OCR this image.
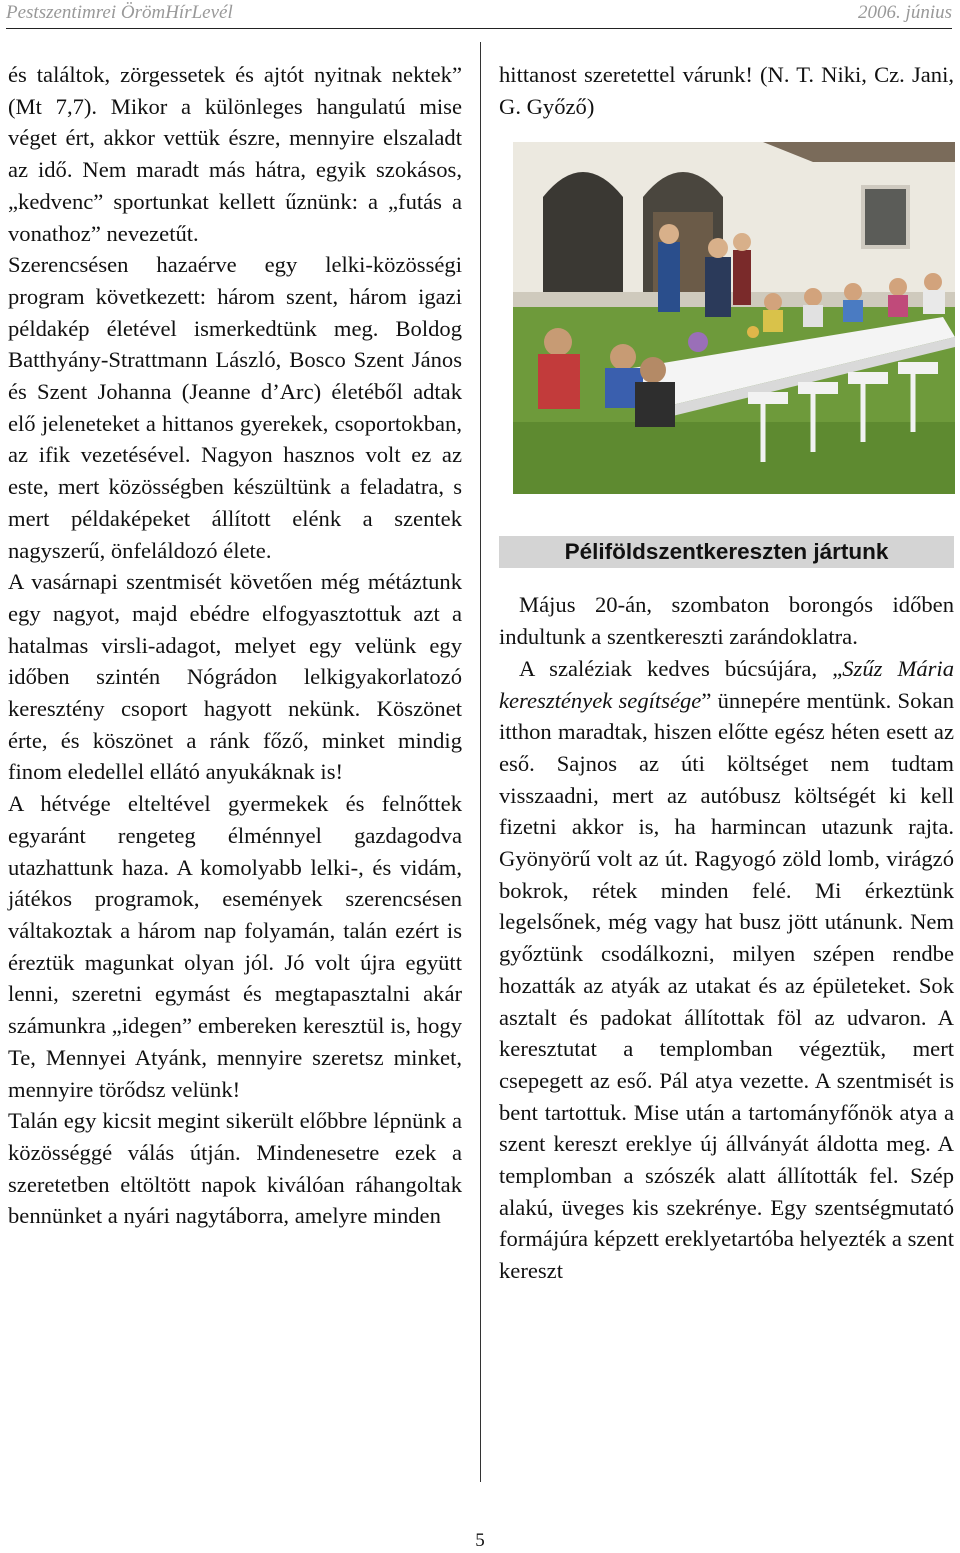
Pestszentimrei ÖrömHírLevél	2006. június

és találtok, zörgessetek és ajtót nyitnak nektek” (Mt 7,7). Mikor a különleges hangulatú mise véget ért, akkor vettük észre, mennyire elszaladt az idő. Nem maradt más hátra, egyik szokásos, „kedvenc” sportunkat kellett űznünk: a „futás a vonathoz” nevezetűt.

Szerencsésen hazaérve egy lelki-közösségi program következett: három szent, három igazi példakép életével ismerkedtünk meg. Boldog Batthyány-Strattmann László, Bosco Szent János és Szent Johanna (Jeanne d’Arc) életéből adtak elő jeleneteket a hittanos gyerekek, csoportokban, az ifik vezetésével. Nagyon hasznos volt ez az este, mert közösségben készültünk a feladatra, s mert példaképeket állított elénk a szentek nagyszerű, önfeláldozó élete.

A vasárnapi szentmisét követően még métáztunk egy nagyot, majd ebédre elfogyasztottuk azt a hatalmas virsli-adagot, melyet egy velünk egy időben szintén Nógrádon lelkigyakorlatozó keresztény csoport hagyott nekünk. Köszönet érte, és köszönet a ránk főző, minket mindig finom eledellel ellátó anyukáknak is!

A hétvége elteltével gyermekek és felnőttek egyaránt rengeteg élménnyel gazdagodva utazhattunk haza. A komolyabb lelki-, és vidám, játékos programok, események szerencsésen váltakoztak a három nap folyamán, talán ezért is éreztük magunkat olyan jól. Jó volt újra együtt lenni, szeretni egymást és megtapasztalni akár számunkra „idegen” embereken keresztül is, hogy Te, Mennyei Atyánk, mennyire szeretsz minket, mennyire törődsz velünk!

Talán egy kicsit megint sikerült előbbre lépnünk a közösséggé válás útján. Mindenesetre ezek a szeretetben eltöltött napok kiválóan ráhangoltak bennünket a nyári nagytáborra, amelyre minden

hittanost szeretettel várunk! (N. T. Niki, Cz. Jani, G. Győző)

Péliföldszentkereszten jártunk

Május 20-án, szombaton borongós időben indultunk a szentkereszti zarándoklatra.

A szaléziak kedves búcsújára, „Szűz Mária keresztények segítsége” ünnepére mentünk. Sokan itthon maradtak, hiszen előtte egész héten esett az eső. Sajnos az úti költséget nem tudtam visszaadni, mert az autóbusz költségét ki kell fizetni akkor is, ha harmincan utazunk rajta. Gyönyörű volt az út. Ragyogó zöld lomb, virágzó bokrok, rétek minden felé. Mi érkeztünk legelsőnek, még vagy hat busz jött utánunk. Nem győztünk csodálkozni, milyen szépen rendbe hozatták az atyák az utakat és az épületeket. Sok asztalt és padokat állítottak föl az udvaron. A keresztutat a templomban végeztük, mert csepegett az eső. Pál atya vezette. A szentmisét is bent tartottuk. Mise után a tartományfőnök atya a szent kereszt ereklye új állványát áldotta meg. A templomban a szószék alatt állították fel. Szép alakú, üveges kis szekrénye. Egy szentségmutató formájúra képzett ereklyetartóba helyezték a szent kereszt

5
